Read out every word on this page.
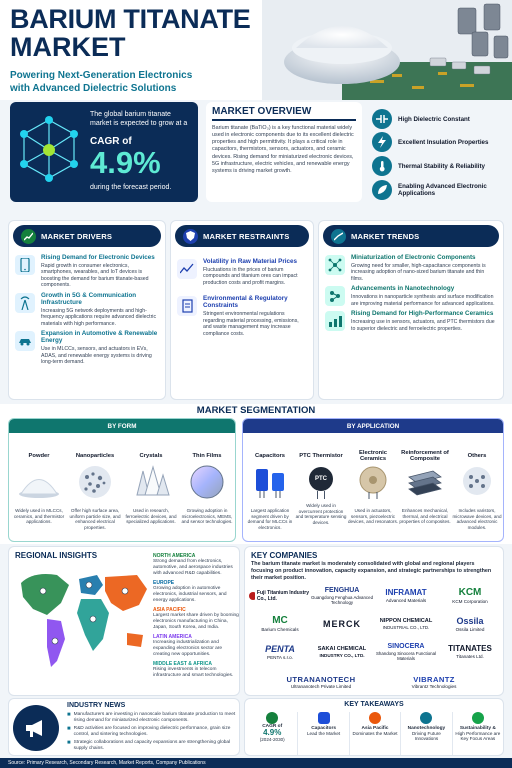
BARIUM TITANATE
MARKET
Powering Next-Generation Electronics
with Advanced Dielectric Solutions
The global barium titanate market is expected to grow at a
CAGR of
4.9%
during the forecast period.
MARKET OVERVIEW
Barium titanate (BaTiO₃) is a key functional material widely used in electronic components due to its excellent dielectric properties and high permittivity. It plays a critical role in capacitors, thermistors, sensors, actuators, and ceramic devices. Rising demand for miniaturized electronic devices, 5G infrastructure, electric vehicles, and renewable energy systems is driving market growth.
High Dielectric Constant
Excellent Insulation Properties
Thermal Stability & Reliability
Enabling Advanced Electronic Applications
MARKET DRIVERS
Rising Demand for Electronic Devices
Rapid growth in consumer electronics, smartphones, wearables, and IoT devices is boosting the demand for barium titanate-based components.
Growth in 5G & Communication Infrastructure
Increasing 5G network deployments and high-frequency applications require advanced dielectric materials with high performance.
Expansion in Automotive & Renewable Energy
Use in MLCCs, sensors, and actuators in EVs, ADAS, and renewable energy systems is driving long-term demand.
MARKET RESTRAINTS
Volatility in Raw Material Prices
Fluctuations in the prices of barium compounds and titanium ores can impact production costs and profit margins.
Environmental & Regulatory Constraints
Stringent environmental regulations regarding material processing, emissions, and waste management may increase compliance costs.
MARKET TRENDS
Miniaturization of Electronic Components
Growing need for smaller, high-capacitance components is increasing adoption of nano-sized barium titanate and thin films.
Advancements in Nanotechnology
Innovations in nanoparticle synthesis and surface modification are improving material performance for advanced applications.
Rising Demand for High-Performance Ceramics
Increasing use in sensors, actuators, and PTC thermistors due to superior dielectric and ferroelectric properties.
MARKET SEGMENTATION
BY FORM
Powder
Widely used in MLCCs, ceramics, and thermistor applications.
Nanoparticles
Offer high surface area, uniform particle size, and enhanced electrical properties.
Crystals
Used in research, ferroelectric devices, and specialized applications.
Thin Films
Growing adoption in microelectronics, MEMS, and sensor technologies.
BY APPLICATION
Capacitors
Largest application segment driven by demand for MLCCs in electronics.
PTC Thermistor
PTC
Widely used in overcurrent protection and temperature sensing devices.
Electronic Ceramics
Used in actuators, sensors, piezoelectric devices, and resonators.
Reinforcement of Composite
Enhances mechanical, thermal, and electrical properties of composites.
Others
Includes varistors, microwave devices, and advanced electronic modules.
REGIONAL INSIGHTS	NORTH AMERICA
Strong demand from electronics, automotive, and aerospace industries with advanced R&D capabilities.
EUROPE
Growing adoption in automotive electronics, industrial sensors, and energy applications.
ASIA PACIFIC
Largest market share driven by booming electronics manufacturing in China, Japan, South Korea, and India.
LATIN AMERICA
Increasing industrialization and expanding electronics sector are creating new opportunities.
MIDDLE EAST & AFRICA
Rising investments in telecom infrastructure and smart technologies.
KEY COMPANIES
The barium titanate market is moderately consolidated with global and regional players focusing on product innovation, capacity expansion, and strategic partnerships to strengthen their market position.
Fuji Titanium Industry Co., Ltd.
FENGHUA
Guangdong Fenghua Advanced Technology
INFRAMAT
Advanced Materials
KCM
KCM Corporation
MC
Barium Chemicals
MERCK	NIPPON CHEMICAL
INDUSTRIAL CO., LTD.
Ossila
Ossila Limited
PENTA
PENTA s.r.o.
SAKAI CHEMICAL
INDUSTRY CO., LTD.
SINOCERA
Shandong Sinocera Functional Materials
TITANATES
Titanates Ltd.
UTRANANOTECH
Ultrananotech Private Limited
VIBRANTZ
Vibrantz Technologies
INDUSTRY NEWS
■ Manufacturers are investing in nanoscale barium titanate production to meet rising demand for miniaturized electronic components.
■ R&D activities are focused on improving dielectric performance, grain size control, and sintering technologies.
■ Strategic collaborations and capacity expansions are strengthening global supply chains.
KEY TAKEAWAYS
CAGR of
4.9%
(2024-2030)
Capacitors
Lead the Market
Asia Pacific
Dominates the Market
Nanotechnology
Driving Future Innovations
Sustainability &
High Performance are Key Focus Areas
Source: Primary Research, Secondary Research, Market Reports, Company Publications
